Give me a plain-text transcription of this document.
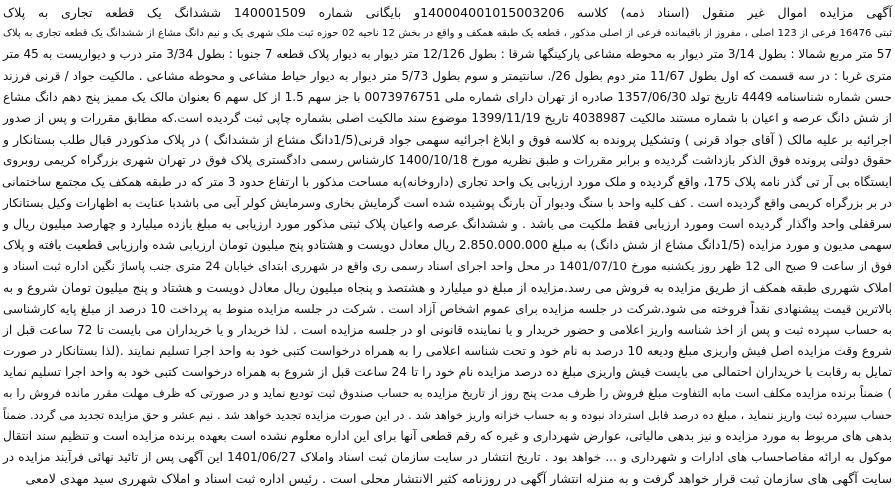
آگهی مزایده اموال غیر منقول (اسناد ذمه) کلاسه 140004001015003206و بایگانی شماره 140001509 ششدانگ یک قطعه تجاری به پلاک
ثبتی 16476 فرعی از 123 اصلی ، مفروز از باقیمانده فرعی از اصلی مذکور ، قطعه یک طبقه همکف و واقع در بخش 12 ناحیه 02 حوزه ثبت ملک شهری یک و نیم دانگ مشاع از ششدانگ یک قطعه تجاری به پلاک
57 متر مربع شمالا : بطول 3/14 متر دیوار به محوطه مشاعی پارکینگها شرقا : بطول 12/126 متر دیوار به دیوار پلاک قطعه 7 جنوبا : بطول 3/34 متر درب و دیواریست به 45 متر
متری غربا : در سه قسمت که اول بطول 11/67 متر دوم بطول 26/. سانتیمتر و سوم بطول 5/73 متر دیوار به دیوار حیاط مشاعی و محوطه مشاعی . مالکیت جواد / قرنی فرزند
حسن شماره شناسنامه 4449 تاریخ تولد 1357/06/30 صادره از تهران دارای شماره ملی 0073976751 با جز سهم 1.5 از کل سهم 6 بعنوان مالک یک ممیز پنج دهم دانگ مشاع
از شش دانگ عرصه و اعیان با شماره مستند مالکیت 4038987 تاریخ 1399/11/19 موضوع سند مالکیت اصلی بشماره چاپی ثبت گردیده است.که مطابق مقررات و پس از صدور
اجرائیه بر علیه مالک ( آقای جواد قرنی ) وتشکیل پرونده به کلاسه فوق و ابلاغ اجرائیه سهمی جواد قرنی(1/5دانگ مشاع از ششدانگ ) در پلاک مذکوردر قبال طلب بستانکار و
حقوق دولتی پرونده فوق الذکر بازداشت گردیده و برابر مقررات و طبق نظریه مورخ 1400/10/18 کارشناس رسمی دادگستری پلاک فوق در تهران شهری بزرگراه کریمی روبروی
ایستگاه بی آر تی گذر نامه پلاک 175، واقع گردیده و ملک مورد ارزیابی یک واحد تجاری (داروخانه)به مساحت مذکور با ارتفاع حدود 3 متر که در طبقه همکف یک مجتمع ساختمانی
در بر بزرگراه کریمی واقع گردیده است . کف کلیه واحد با سنگ ودیوار آن بارنگ پوشیده شده است گرمایش بخاری وسرمایش کولر آبی می باشدبا عنایت به اظهارات وکیل بستانکار
سرقفلی واحد واگذار گردیده است ومورد ارزیابی فقط ملکیت می باشد . و ششدانگ عرصه واعیان پلاک ثبتی مذکور مورد ارزیابی به مبلغ یازده میلیارد و چهارصد میلیون ریال و
سهمی مدیون و مورد مزایده (1/5دانگ مشاع از شش دانگ) به مبلغ 2.850.000.000 ریال معادل دویست و هشتادو پنج میلیون تومان ارزیابی شده وارزیابی قطعیت یافته و پلاک
فوق از ساعت 9 صبح الی 12 ظهر روز یکشنبه مورخ 1401/07/10 در محل واحد اجرای اسناد رسمی ری واقع در شهرری ابتدای خیابان 24 متری جنب پاساژ نگین اداره ثبت اسناد و
املاک شهرری طبقه همکف از طریق مزایده به فروش می رسد.مزایده از مبلغ دو میلیارد و هشتصد و پنجاه میلیون ریال معادل دویست و هشتاد و پنج میلیون تومان شروع و به
بالاترین قیمت پیشنهادی نقداً فروخته می شود.شرکت در جلسه مزایده برای عموم اشخاص آزاد است . شرکت در جلسه مزایده منوط به پرداخت 10 درصد از مبلغ پایه کارشناسی
به حساب سپرده ثبت و پس از اخذ شناسه واریز اعلامی و حضور خریدار و یا نماینده قانونی او در جلسه مزایده است . لذا خریدار و یا خریداران می بایست تا 72 ساعت قبل از
شروع وقت مزایده اصل فیش واریزی مبلغ ودیعه 10 درصد به نام خود و تحت شناسه اعلامی را به همراه درخواست کتبی خود به واحد اجرا تسلیم نمایند .(لذا بستانکار در صورت
تمایل به رقابت با خریداران احتمالی می بایست فیش واریزی مبلغ ده درصد مزایده نام خود را تا 24 ساعت قبل از شروع به همراه درخواست کتبی خود به واحد اجرا تسلیم نماید
) ضمناً برنده مزایده مکلف است مابه التفاوت مبلغ فروش را ظرف مدت پنج روز از تاریخ مزایده به حساب صندوق ثبت تودیع نماید و در صورتی که ظرف مهلت مقرر مانده فروش را به
حساب سپرده ثبت واریز ننماید ، مبلغ ده درصد قابل استرداد نبوده و به حساب خزانه واریز خواهد شد . در این صورت مزایده تجدید خواهد شد . نیم عشر و حق مزایده تجدید می گردد. ضمناً
بدهی های مربوط به مورد مزایده و نیز بدهی مالیاتی، عوارض شهرداری و غیره که رقم قطعی آنها برای این اداره معلوم نشده است بعهده برنده مزایده است و تنظیم سند انتقال
موکول به ارائه مفاصاحساب های ادارات و شهرداری و ... خواهد بود . تاریخ انتشار در سایت سازمان ثبت اسناد واملاک 1401/06/27 این آگهی پس از تائید نهائی فرآیند مزایده در
سایت آگهی های سازمان ثبت قرار خواهد گرفت و به منزله انتشار آگهی در روزنامه کثیر الانتشار محلی است . رئیس اداره ثبت اسناد و املاک شهرری سید مهدی لامعی
